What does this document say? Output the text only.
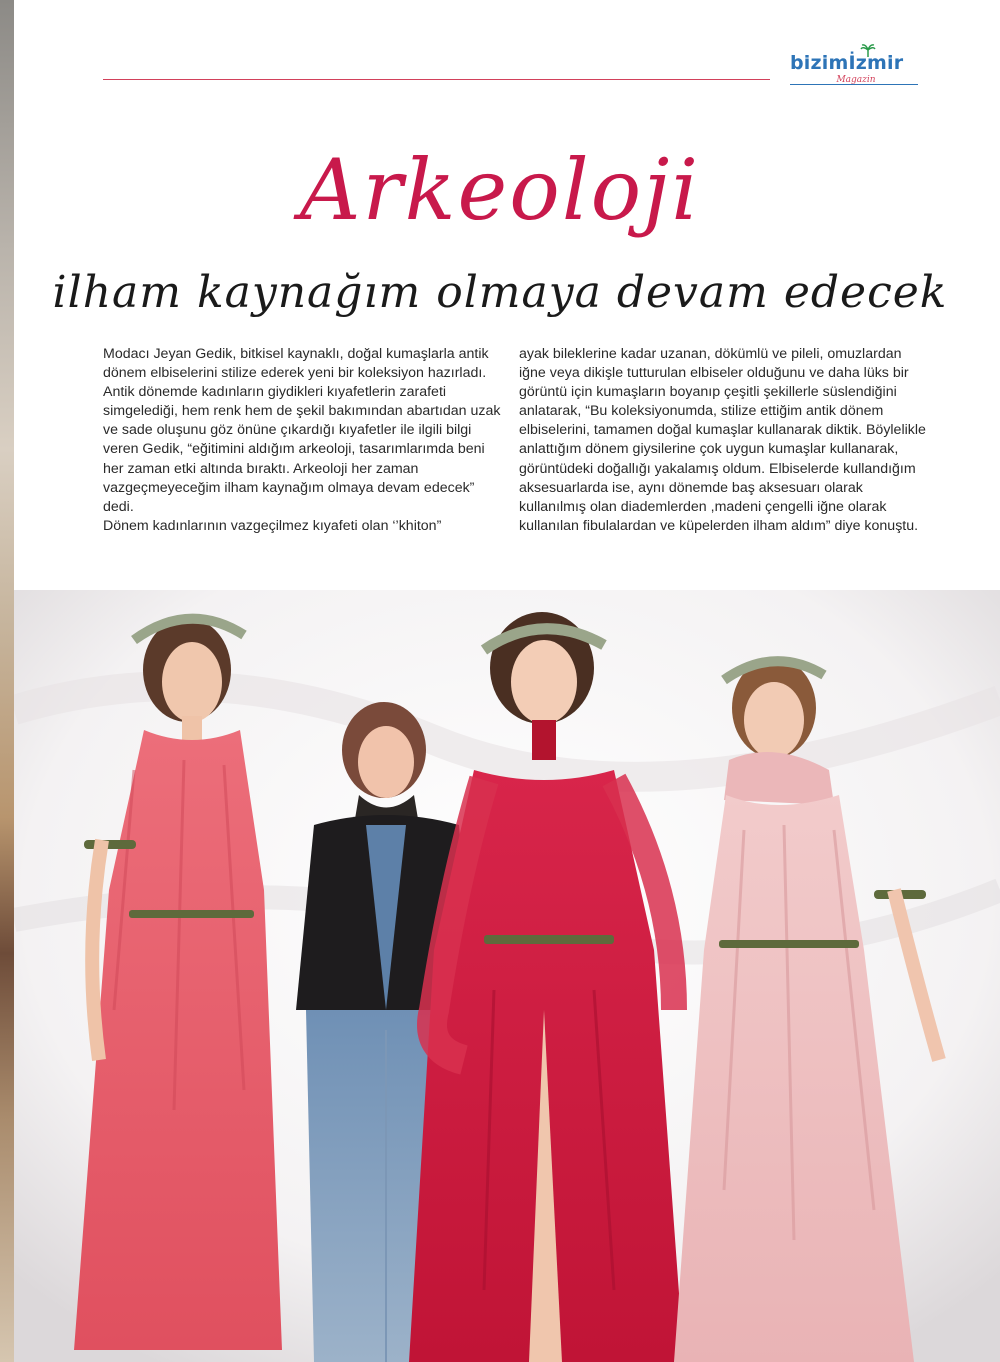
bizimİzmir
Magazin
Arkeoloji
ilham kaynağım olmaya devam edecek

Modacı Jeyan Gedik, bitkisel kaynaklı, doğal kumaşlarla antik dönem elbiselerini stilize ederek yeni bir koleksiyon hazırladı.

Antik dönemde kadınların giydikleri kıyafetlerin zarafeti simgelediği, hem renk hem de şekil bakımından abartıdan uzak ve sade oluşunu göz önüne çıkardığı kıyafetler ile ilgili bilgi veren Gedik, “eğitimini aldığım arkeoloji, tasarımlarımda beni her zaman etki altında bıraktı. Arkeoloji her zaman vazgeçmeyeceğim ilham kaynağım olmaya devam edecek” dedi.

Dönem kadınlarının vazgeçilmez kıyafeti olan ‘’khiton”

ayak bileklerine kadar uzanan, dökümlü ve pileli, omuzlardan iğne veya dikişle tutturulan elbiseler olduğunu ve daha lüks bir görüntü için kumaşların boyanıp çeşitli şekillerle süslendiğini anlatarak, “Bu koleksiyonumda, stilize ettiğim antik dönem elbiselerini, tamamen doğal kumaşlar kullanarak diktik. Böylelikle anlattığım dönem giysilerine çok uygun kumaşlar kullanarak, görüntüdeki doğallığı yakalamış oldum. Elbiselerde kullandığım aksesuarlarda ise, aynı dönemde baş aksesuarı olarak kullanılmış olan diademlerden ,madeni çengelli iğne olarak kullanılan fibulalardan ve küpelerden ilham aldım” diye konuştu.
